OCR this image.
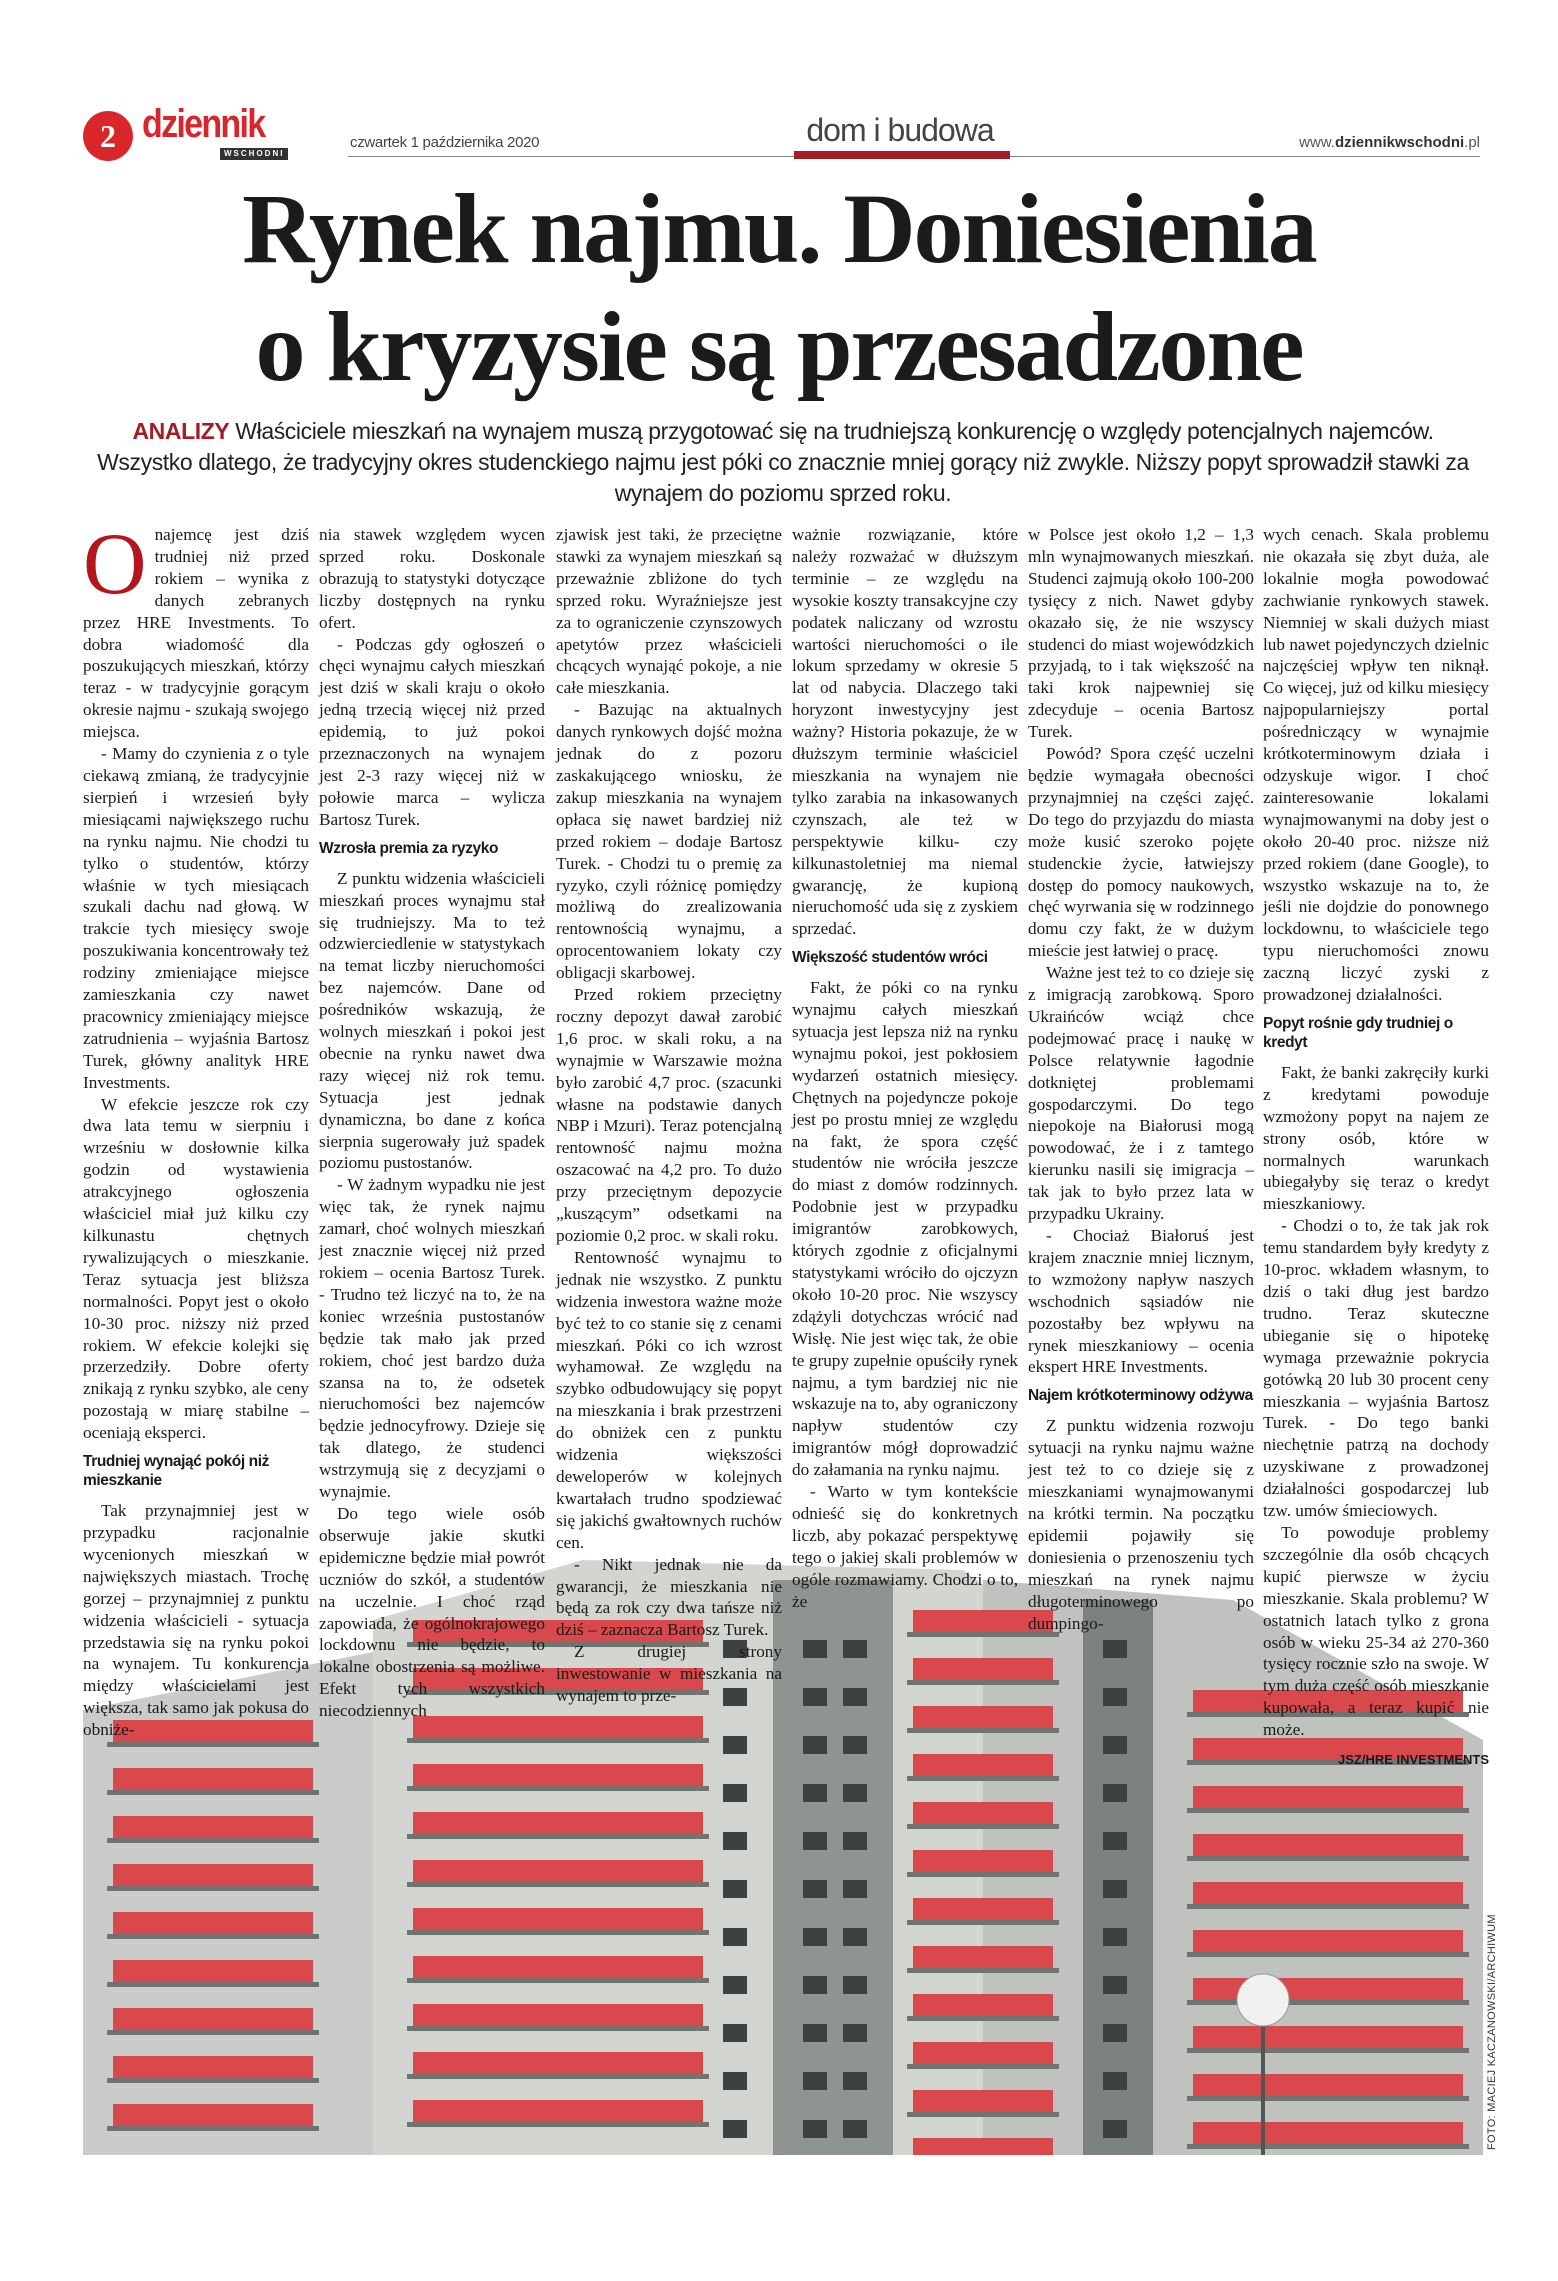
2 dziennik
WSCHODNI
czwartek 1 października 2020	dom i budowa	www.dziennikwschodni.pl
Rynek najmu. Doniesienia
o kryzysie są przesadzone
ANALIZY Właściciele mieszkań na wynajem muszą przygotować się na trudniejszą konkurencję o względy potencjalnych najemców. Wszystko dlatego, że tradycyjny okres studenckiego najmu jest póki co znacznie mniej gorący niż zwykle. Niższy popyt sprowadził stawki za wynajem do poziomu sprzed roku.

Onajemcę jest dziś trudniej niż przed rokiem – wynika z danych zebranych przez HRE Investments. To dobra wiadomość dla poszukujących mieszkań, którzy teraz - w tradycyjnie gorącym okresie najmu - szukają swojego miejsca.

- Mamy do czynienia z o tyle ciekawą zmianą, że tradycyjnie sierpień i wrzesień były miesiącami największego ruchu na rynku najmu. Nie chodzi tu tylko o studentów, którzy właśnie w tych miesiącach szukali dachu nad głową. W trakcie tych miesięcy swoje poszukiwania koncentrowały też rodziny zmieniające miejsce zamieszkania czy nawet pracownicy zmieniający miejsce zatrudnienia – wyjaśnia Bartosz Turek, główny analityk HRE Investments.

W efekcie jeszcze rok czy dwa lata temu w sierpniu i wrześniu w dosłownie kilka godzin od wystawienia atrakcyjnego ogłoszenia właściciel miał już kilku czy kilkunastu chętnych rywalizujących o mieszkanie. Teraz sytuacja jest bliższa normalności. Popyt jest o około 10-30 proc. niższy niż przed rokiem. W efekcie kolejki się przerzedziły. Dobre oferty znikają z rynku szybko, ale ceny pozostają w miarę stabilne – oceniają eksperci.

Trudniej wynająć pokój niż mieszkanie

Tak przynajmniej jest w przypadku racjonalnie wycenionych mieszkań w największych miastach. Trochę gorzej – przynajmniej z punktu widzenia właścicieli - sytuacja przedstawia się na rynku pokoi na wynajem. Tu konkurencja między właścicielami jest większa, tak samo jak pokusa do obniże-

nia stawek względem wycen sprzed roku. Doskonale obrazują to statystyki dotyczące liczby dostępnych na rynku ofert.

- Podczas gdy ogłoszeń o chęci wynajmu całych mieszkań jest dziś w skali kraju o około jedną trzecią więcej niż przed epidemią, to już pokoi przeznaczonych na wynajem jest 2-3 razy więcej niż w połowie marca – wylicza Bartosz Turek.

Wzrosła premia za ryzyko

Z punktu widzenia właścicieli mieszkań proces wynajmu stał się trudniejszy. Ma to też odzwierciedlenie w statystykach na temat liczby nieruchomości bez najemców. Dane od pośredników wskazują, że wolnych mieszkań i pokoi jest obecnie na rynku nawet dwa razy więcej niż rok temu. Sytuacja jest jednak dynamiczna, bo dane z końca sierpnia sugerowały już spadek poziomu pustostanów.

- W żadnym wypadku nie jest więc tak, że rynek najmu zamarł, choć wolnych mieszkań jest znacznie więcej niż przed rokiem – ocenia Bartosz Turek. - Trudno też liczyć na to, że na koniec września pustostanów będzie tak mało jak przed rokiem, choć jest bardzo duża szansa na to, że odsetek nieruchomości bez najemców będzie jednocyfrowy. Dzieje się tak dlatego, że studenci wstrzymują się z decyzjami o wynajmie.

Do tego wiele osób obserwuje jakie skutki epidemiczne będzie miał powrót uczniów do szkół, a studentów na uczelnie. I choć rząd zapowiada, że ogólnokrajowego lockdownu nie będzie, to lokalne obostrzenia są możliwe. Efekt tych wszystkich niecodziennych

zjawisk jest taki, że przeciętne stawki za wynajem mieszkań są przeważnie zbliżone do tych sprzed roku. Wyraźniejsze jest za to ograniczenie czynszowych apetytów przez właścicieli chcących wynająć pokoje, a nie całe mieszkania.

- Bazując na aktualnych danych rynkowych dojść można jednak do z pozoru zaskakującego wniosku, że zakup mieszkania na wynajem opłaca się nawet bardziej niż przed rokiem – dodaje Bartosz Turek. - Chodzi tu o premię za ryzyko, czyli różnicę pomiędzy możliwą do zrealizowania rentownością wynajmu, a oprocentowaniem lokaty czy obligacji skarbowej.

Przed rokiem przeciętny roczny depozyt dawał zarobić 1,6 proc. w skali roku, a na wynajmie w Warszawie można było zarobić 4,7 proc. (szacunki własne na podstawie danych NBP i Mzuri). Teraz potencjalną rentowność najmu można oszacować na 4,2 pro. To dużo przy przeciętnym depozycie „kuszącym” odsetkami na poziomie 0,2 proc. w skali roku.

Rentowność wynajmu to jednak nie wszystko. Z punktu widzenia inwestora ważne może być też to co stanie się z cenami mieszkań. Póki co ich wzrost wyhamował. Ze względu na szybko odbudowujący się popyt na mieszkania i brak przestrzeni do obniżek cen z punktu widzenia większości deweloperów w kolejnych kwartałach trudno spodziewać się jakichś gwałtownych ruchów cen.

- Nikt jednak nie da gwarancji, że mieszkania nie będą za rok czy dwa tańsze niż dziś – zaznacza Bartosz Turek.

Z drugiej strony inwestowanie w mieszkania na wynajem to prze-

ważnie rozwiązanie, które należy rozważać w dłuższym terminie – ze względu na wysokie koszty transakcyjne czy podatek naliczany od wzrostu wartości nieruchomości o ile lokum sprzedamy w okresie 5 lat od nabycia. Dlaczego taki horyzont inwestycyjny jest ważny? Historia pokazuje, że w dłuższym terminie właściciel mieszkania na wynajem nie tylko zarabia na inkasowanych czynszach, ale też w perspektywie kilku- czy kilkunastoletniej ma niemal gwarancję, że kupioną nieruchomość uda się z zyskiem sprzedać.

Większość studentów wróci

Fakt, że póki co na rynku wynajmu całych mieszkań sytuacja jest lepsza niż na rynku wynajmu pokoi, jest pokłosiem wydarzeń ostatnich miesięcy. Chętnych na pojedyncze pokoje jest po prostu mniej ze względu na fakt, że spora część studentów nie wróciła jeszcze do miast z domów rodzinnych. Podobnie jest w przypadku imigrantów zarobkowych, których zgodnie z oficjalnymi statystykami wróciło do ojczyzn około 10-20 proc. Nie wszyscy zdążyli dotychczas wrócić nad Wisłę. Nie jest więc tak, że obie te grupy zupełnie opuściły rynek najmu, a tym bardziej nic nie wskazuje na to, aby ograniczony napływ studentów czy imigrantów mógł doprowadzić do załamania na rynku najmu.

- Warto w tym kontekście odnieść się do konkretnych liczb, aby pokazać perspektywę tego o jakiej skali problemów w ogóle rozmawiamy. Chodzi o to, że

w Polsce jest około 1,2 – 1,3 mln wynajmowanych mieszkań. Studenci zajmują około 100-200 tysięcy z nich. Nawet gdyby okazało się, że nie wszyscy studenci do miast wojewódzkich przyjadą, to i tak większość na taki krok najpewniej się zdecyduje – ocenia Bartosz Turek.

Powód? Spora część uczelni będzie wymagała obecności przynajmniej na części zajęć. Do tego do przyjazdu do miasta może kusić szeroko pojęte studenckie życie, łatwiejszy dostęp do pomocy naukowych, chęć wyrwania się w rodzinnego domu czy fakt, że w dużym mieście jest łatwiej o pracę.

Ważne jest też to co dzieje się z imigracją zarobkową. Sporo Ukraińców wciąż chce podejmować pracę i naukę w Polsce relatywnie łagodnie dotkniętej problemami gospodarczymi. Do tego niepokoje na Białorusi mogą powodować, że i z tamtego kierunku nasili się imigracja – tak jak to było przez lata w przypadku Ukrainy.

- Chociaż Białoruś jest krajem znacznie mniej licznym, to wzmożony napływ naszych wschodnich sąsiadów nie pozostałby bez wpływu na rynek mieszkaniowy – ocenia ekspert HRE Investments.

Najem krótkoterminowy odżywa

Z punktu widzenia rozwoju sytuacji na rynku najmu ważne jest też to co dzieje się z mieszkaniami wynajmowanymi na krótki termin. Na początku epidemii pojawiły się doniesienia o przenoszeniu tych mieszkań na rynek najmu długoterminowego po dumpingo-

wych cenach. Skala problemu nie okazała się zbyt duża, ale lokalnie mogła powodować zachwianie rynkowych stawek. Niemniej w skali dużych miast lub nawet pojedynczych dzielnic najczęściej wpływ ten niknął. Co więcej, już od kilku miesięcy najpopularniejszy portal pośredniczący w wynajmie krótkoterminowym działa i odzyskuje wigor. I choć zainteresowanie lokalami wynajmowanymi na doby jest o około 20-40 proc. niższe niż przed rokiem (dane Google), to wszystko wskazuje na to, że jeśli nie dojdzie do ponownego lockdownu, to właściciele tego typu nieruchomości znowu zaczną liczyć zyski z prowadzonej działalności.

Popyt rośnie gdy trudniej o kredyt

Fakt, że banki zakręciły kurki z kredytami powoduje wzmożony popyt na najem ze strony osób, które w normalnych warunkach ubiegałyby się teraz o kredyt mieszkaniowy.

- Chodzi o to, że tak jak rok temu standardem były kredyty z 10-proc. wkładem własnym, to dziś o taki dług jest bardzo trudno. Teraz skuteczne ubieganie się o hipotekę wymaga przeważnie pokrycia gotówką 20 lub 30 procent ceny mieszkania – wyjaśnia Bartosz Turek. - Do tego banki niechętnie patrzą na dochody uzyskiwane z prowadzonej działalności gospodarczej lub tzw. umów śmieciowych.

To powoduje problemy szczególnie dla osób chcących kupić pierwsze w życiu mieszkanie. Skala problemu? W ostatnich latach tylko z grona osób w wieku 25-34 aż 270-360 tysięcy rocznie szło na swoje. W tym duża część osób mieszkanie kupowała, a teraz kupić nie może.

JSZ/HRE INVESTMENTS
FOTO: MACIEJ KACZANOWSKI/ARCHIWUM
